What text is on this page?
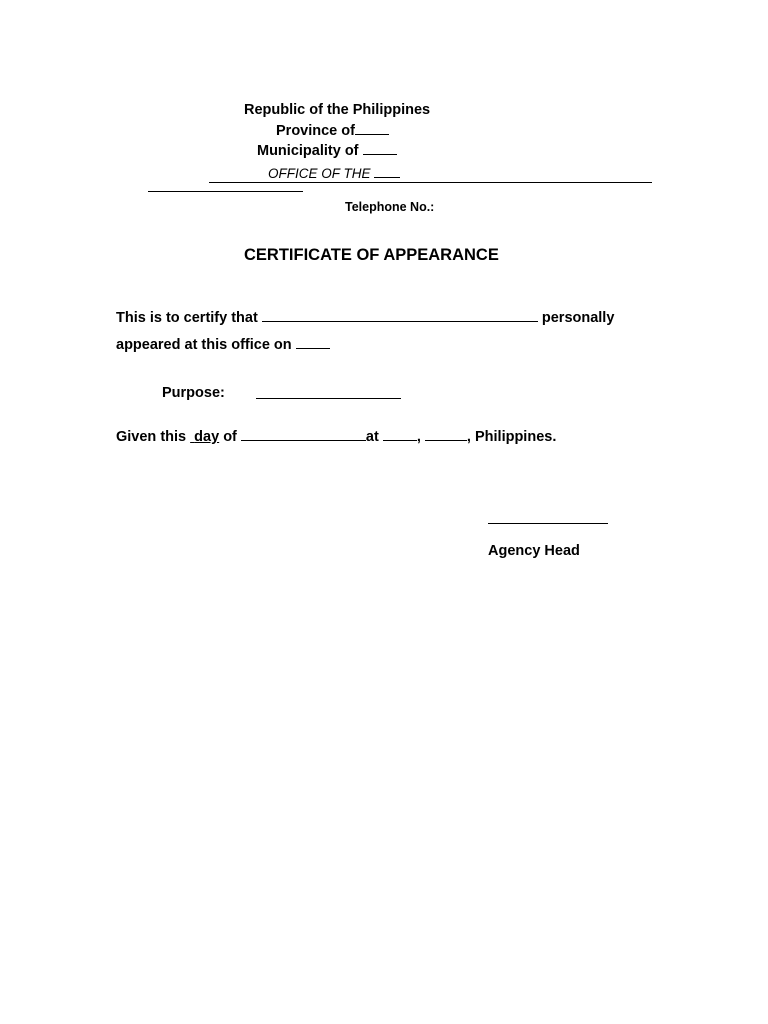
Republic of the Philippines
Province of
Municipality of
OFFICE OF THE
Telephone No.:
CERTIFICATE OF APPEARANCE
This is to certify that	personally
appeared at this office on
Purpose:
Given this day of	at	,	, Philippines.
Agency Head
